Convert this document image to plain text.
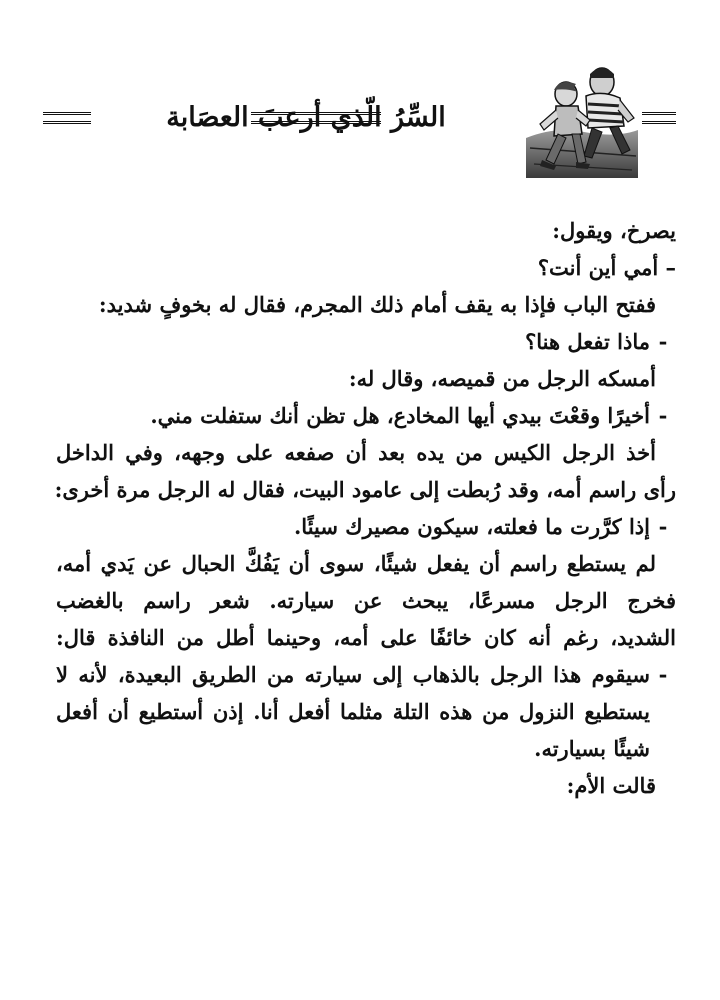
السِّرُ الّذي أرعبَ العصَابة
يصرخ، ويقول:
– أمي أين أنت؟
ففتح الباب فإذا به يقف أمام ذلك المجرم، فقال له بخوفٍ شديد:
-
ماذا تفعل هنا؟
أمسكه الرجل من قميصه، وقال له:
-
أخيرًا وقعْتَ بيدي أيها المخادع، هل تظن أنك ستفلت مني.
أخذ الرجل الكيس من يده بعد أن صفعه على وجهه، وفي الداخل
رأى راسم أمه، وقد رُبطت إلى عامود البيت، فقال له الرجل مرة أخرى:
-
إذا كرَّرت ما فعلته، سيكون مصيرك سيئًا.
لم يستطع راسم أن يفعل شيئًا، سوى أن يَفُكَّ الحبال عن يَدي أمه،
فخرج الرجل مسرعًا، يبحث عن سيارته. شعر راسم بالغضب
الشديد، رغم أنه كان خائفًا على أمه، وحينما أطل من النافذة قال:
-
سيقوم هذا الرجل بالذهاب إلى سيارته من الطريق البعيدة، لأنه لا
يستطيع النزول من هذه التلة مثلما أفعل أنا. إذن أستطيع أن أفعل
شيئًا بسيارته.
قالت الأم:
